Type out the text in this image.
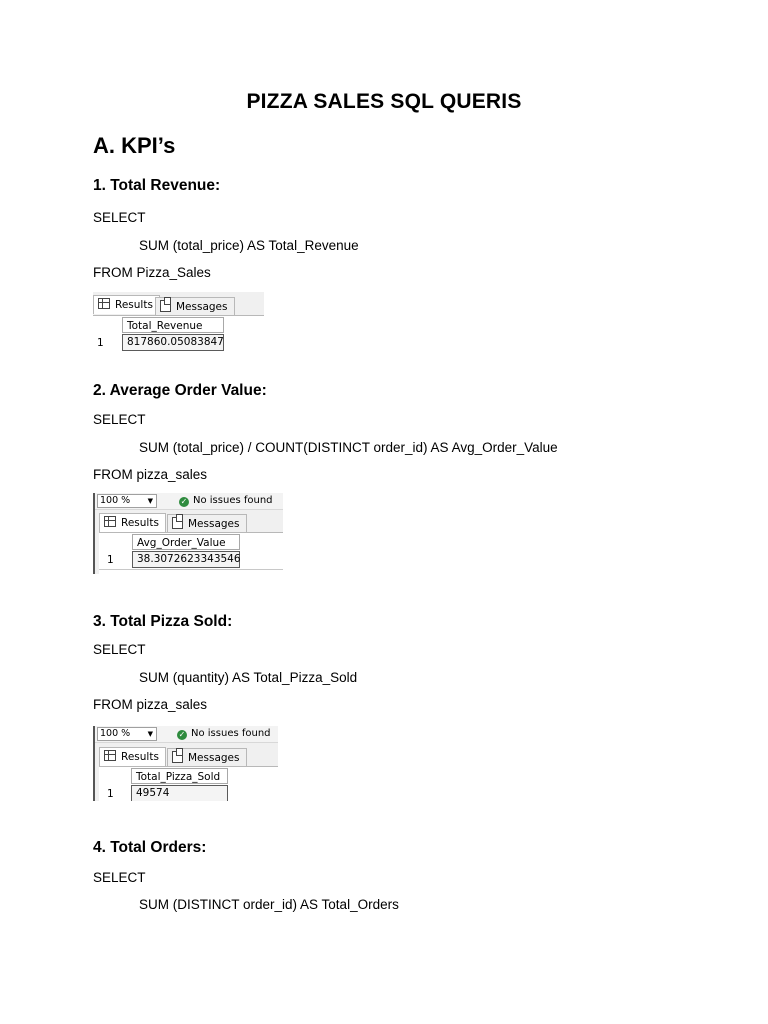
PIZZA SALES SQL QUERIS
A. KPI’s
1. Total Revenue:
SELECT
SUM (total_price) AS Total_Revenue
FROM Pizza_Sales
Results	Messages
Total_Revenue
1	817860.05083847
2. Average Order Value:
SELECT
SUM (total_price) / COUNT(DISTINCT order_id) AS Avg_Order_Value
FROM pizza_sales
100 % ▼	✓ No issues found
Results	Messages
Avg_Order_Value
1	38.3072623343546
3. Total Pizza Sold:
SELECT
SUM (quantity) AS Total_Pizza_Sold
FROM pizza_sales
100 % ▼	✓ No issues found
Results	Messages
Total_Pizza_Sold
1	49574
4. Total Orders:
SELECT
SUM (DISTINCT order_id) AS Total_Orders
